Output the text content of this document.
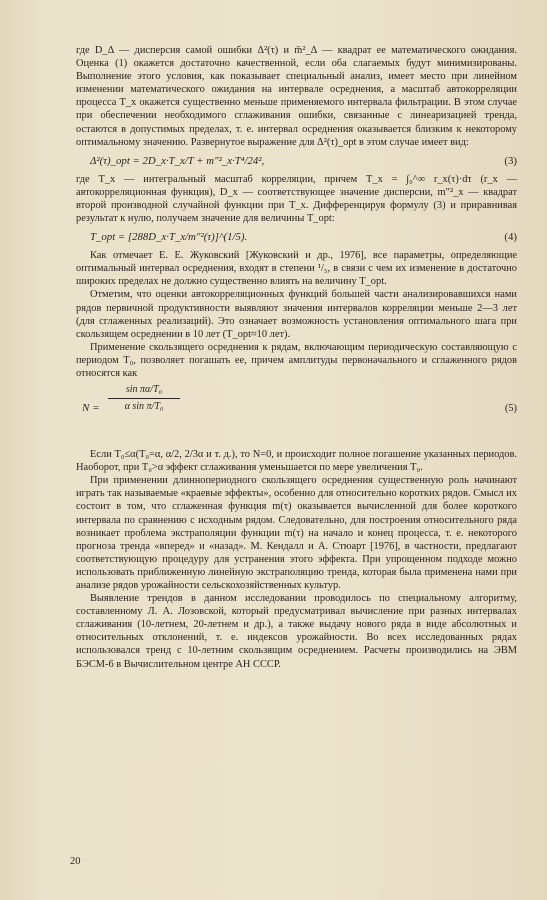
где D_Δ — дисперсия самой ошибки Δ²(τ) и m̄²_Δ — квадрат ее математического ожидания. Оценка (1) окажется достаточно качественной, если оба слагаемых будут минимизированы. Выполнение этого условия, как показывает специальный анализ, имеет место при линейном изменении математического ожидания на интервале осреднения, а масштаб автокорреляции процесса T_x окажется существенно меньше применяемого интервала фильтрации. В этом случае при обеспечении необходимого сглаживания ошибки, связанные с линеаризацией тренда, остаются в допустимых пределах, т. е. интервал осреднения оказывается близким к некоторому оптимальному значению. Развернутое выражение для Δ²(τ)_opt в этом случае имеет вид:

Δ²(τ)_opt = 2D_x·T_x/T + m″²_x·T⁴/24²,	(3)

где T_x — интегральный масштаб корреляции, причем T_x = ∫₀^∞ r_x(τ)·dτ (r_x — автокорреляционная функция), D_x — соответствующее значение дисперсии, m″²_x — квадрат второй производной случайной функции при T_x. Дифференцируя формулу (3) и приравнивая результат к нулю, получаем значение для величины T_opt:

T_opt = [288D_x·T_x/m″²(τ)]^(1/5).	(4)

Как отмечает Е. Е. Жуковский [Жуковский и др., 1976], все параметры, определяющие оптимальный интервал осреднения, входят в степени ¹/₅, в связи с чем их изменение в достаточно широких пределах не должно существенно влиять на величину T_opt.

Отметим, что оценки автокорреляционных функций большей части анализировавшихся нами рядов первичной продуктивности выявляют значения интервалов корреляции меньше 2—3 лет (для сглаженных реализаций). Это означает возможность установления оптимального шага при скользящем осреднении в 10 лет (T_opt≈10 лет).

Применение скользящего осреднения к рядам, включающим периодическую составляющую с периодом T₀, позволяет погашать ее, причем амплитуды первоначального и сглаженного рядов относятся как

N =
sin πα/T₀
α sin π/T₀	(5)

Если T₀≤α(T₀=α, α/2, 2/3α и т. д.), то N=0, и происходит полное погашение указанных периодов. Наоборот, при T₀>α эффект сглаживания уменьшается по мере увеличения T₀.

При применении длиннопериодного скользящего осреднения существенную роль начинают играть так называемые «краевые эффекты», особенно для относительно коротких рядов. Смысл их состоит в том, что сглаженная функция m(τ) оказывается вычисленной для более короткого интервала по сравнению с исходным рядом. Следовательно, для построения относительного ряда возникает проблема экстраполяции функции m(τ) на начало и конец процесса, т. е. некоторого прогноза тренда «вперед» и «назад». М. Кендалл и А. Стюарт [1976], в частности, предлагают соответствующую процедуру для устранения этого эффекта. При упрощенном подходе можно использовать приближенную линейную экстраполяцию тренда, которая была применена нами при анализе рядов урожайности сельскохозяйственных культур.

Выявление трендов в данном исследовании проводилось по специальному алгоритму, составленному Л. А. Лозовской, который предусматривал вычисление при разных интервалах сглаживания (10-летнем, 20-летнем и др.), а также выдачу нового ряда в виде абсолютных и относительных отклонений, т. е. индексов урожайности. Во всех исследованных рядах использовался тренд с 10-летним скользящим осреднением. Расчеты производились на ЭВМ БЭСМ-6 в Вычислительном центре АН СССР.

20
